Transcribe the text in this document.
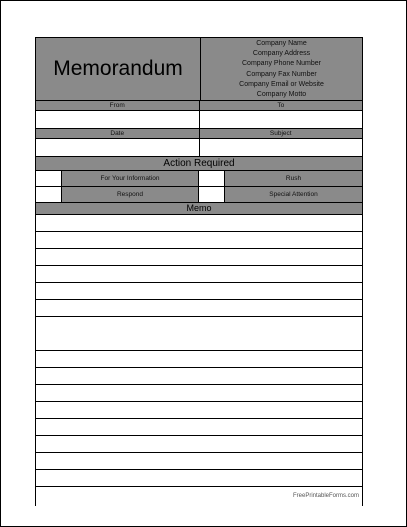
Memorandum
Company Name
Company Address
Company Phone Number
Company Fax Number
Company Email or Website
Company Motto
From	To
Date	Subject
Action Required
For Your Information	Rush
Respond	Special Attention
Memo
FreePrintableForms.com
